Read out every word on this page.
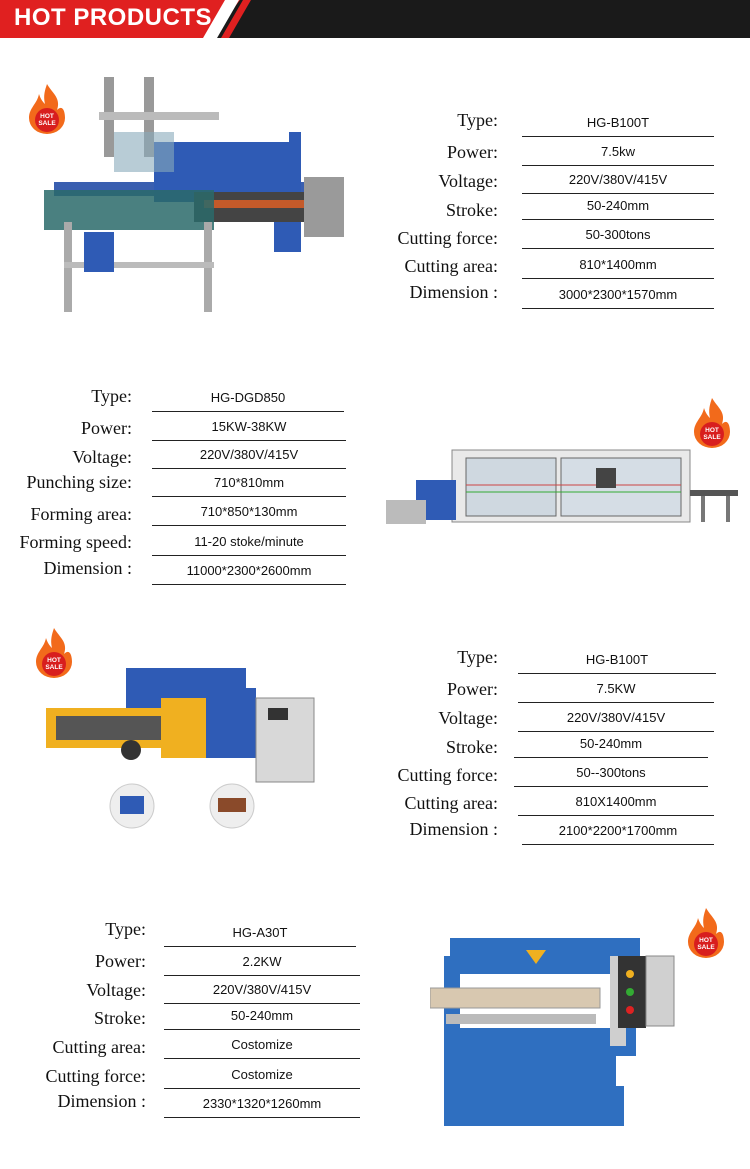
HOT PRODUCTS
Type:	HG-B100T
Power:	7.5kw
Voltage:	220V/380V/415V
Stroke:	50-240mm
Cutting force:	50-300tons
Cutting area:	810*1400mm
Dimension :	3000*2300*1570mm
HOT
SALE
Type:	HG-DGD850
Power:	15KW-38KW
Voltage:	220V/380V/415V
Punching size:	710*810mm
Forming area:	710*850*130mm
Forming speed:	11-20 stoke/minute
Dimension :	11000*2300*2600mm
HOT
SALE
Type:	HG-B100T
Power:	7.5KW
Voltage:	220V/380V/415V
Stroke:	50-240mm
Cutting force:	50--300tons
Cutting area:	810X1400mm
Dimension :	2100*2200*1700mm
HOT
SALE
Type:	HG-A30T
Power:	2.2KW
Voltage:	220V/380V/415V
Stroke:	50-240mm
Cutting area:	Costomize
Cutting force:	Costomize
Dimension :	2330*1320*1260mm
HOT
SALE
